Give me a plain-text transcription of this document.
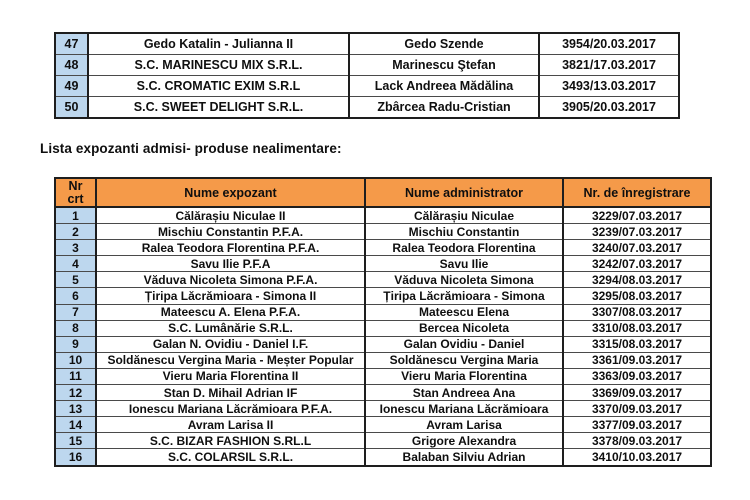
47	Gedo Katalin - Julianna II	Gedo Szende	3954/20.03.2017
48	S.C. MARINESCU MIX S.R.L.	Marinescu Ştefan	3821/17.03.2017
49	S.C. CROMATIC EXIM S.R.L	Lack Andreea Mădălina	3493/13.03.2017
50	S.C. SWEET DELIGHT S.R.L.	Zbârcea Radu-Cristian	3905/20.03.2017
Lista expozanti admisi- produse nealimentare:
Nr crt	Nume expozant	Nume administrator	Nr. de înregistrare
1	Călărașiu Niculae II	Călărașiu Niculae	3229/07.03.2017
2	Mischiu Constantin P.F.A.	Mischiu Constantin	3239/07.03.2017
3	Ralea Teodora Florentina P.F.A.	Ralea Teodora Florentina	3240/07.03.2017
4	Savu Ilie P.F.A	Savu Ilie	3242/07.03.2017
5	Văduva Nicoleta Simona P.F.A.	Văduva Nicoleta Simona	3294/08.03.2017
6	Țiripa Lăcrămioara - Simona II	Țiripa Lăcrămioara - Simona	3295/08.03.2017
7	Mateescu A. Elena P.F.A.	Mateescu Elena	3307/08.03.2017
8	S.C. Lumânărie S.R.L.	Bercea Nicoleta	3310/08.03.2017
9	Galan N. Ovidiu - Daniel I.F.	Galan Ovidiu - Daniel	3315/08.03.2017
10	Soldănescu Vergina Maria - Meșter Popular	Soldănescu Vergina Maria	3361/09.03.2017
11	Vieru Maria Florentina II	Vieru Maria Florentina	3363/09.03.2017
12	Stan D. Mihail Adrian IF	Stan Andreea Ana	3369/09.03.2017
13	Ionescu Mariana Lăcrămioara P.F.A.	Ionescu Mariana Lăcrămioara	3370/09.03.2017
14	Avram Larisa II	Avram Larisa	3377/09.03.2017
15	S.C. BIZAR FASHION S.RL.L	Grigore Alexandra	3378/09.03.2017
16	S.C. COLARSIL S.R.L.	Balaban Silviu Adrian	3410/10.03.2017
